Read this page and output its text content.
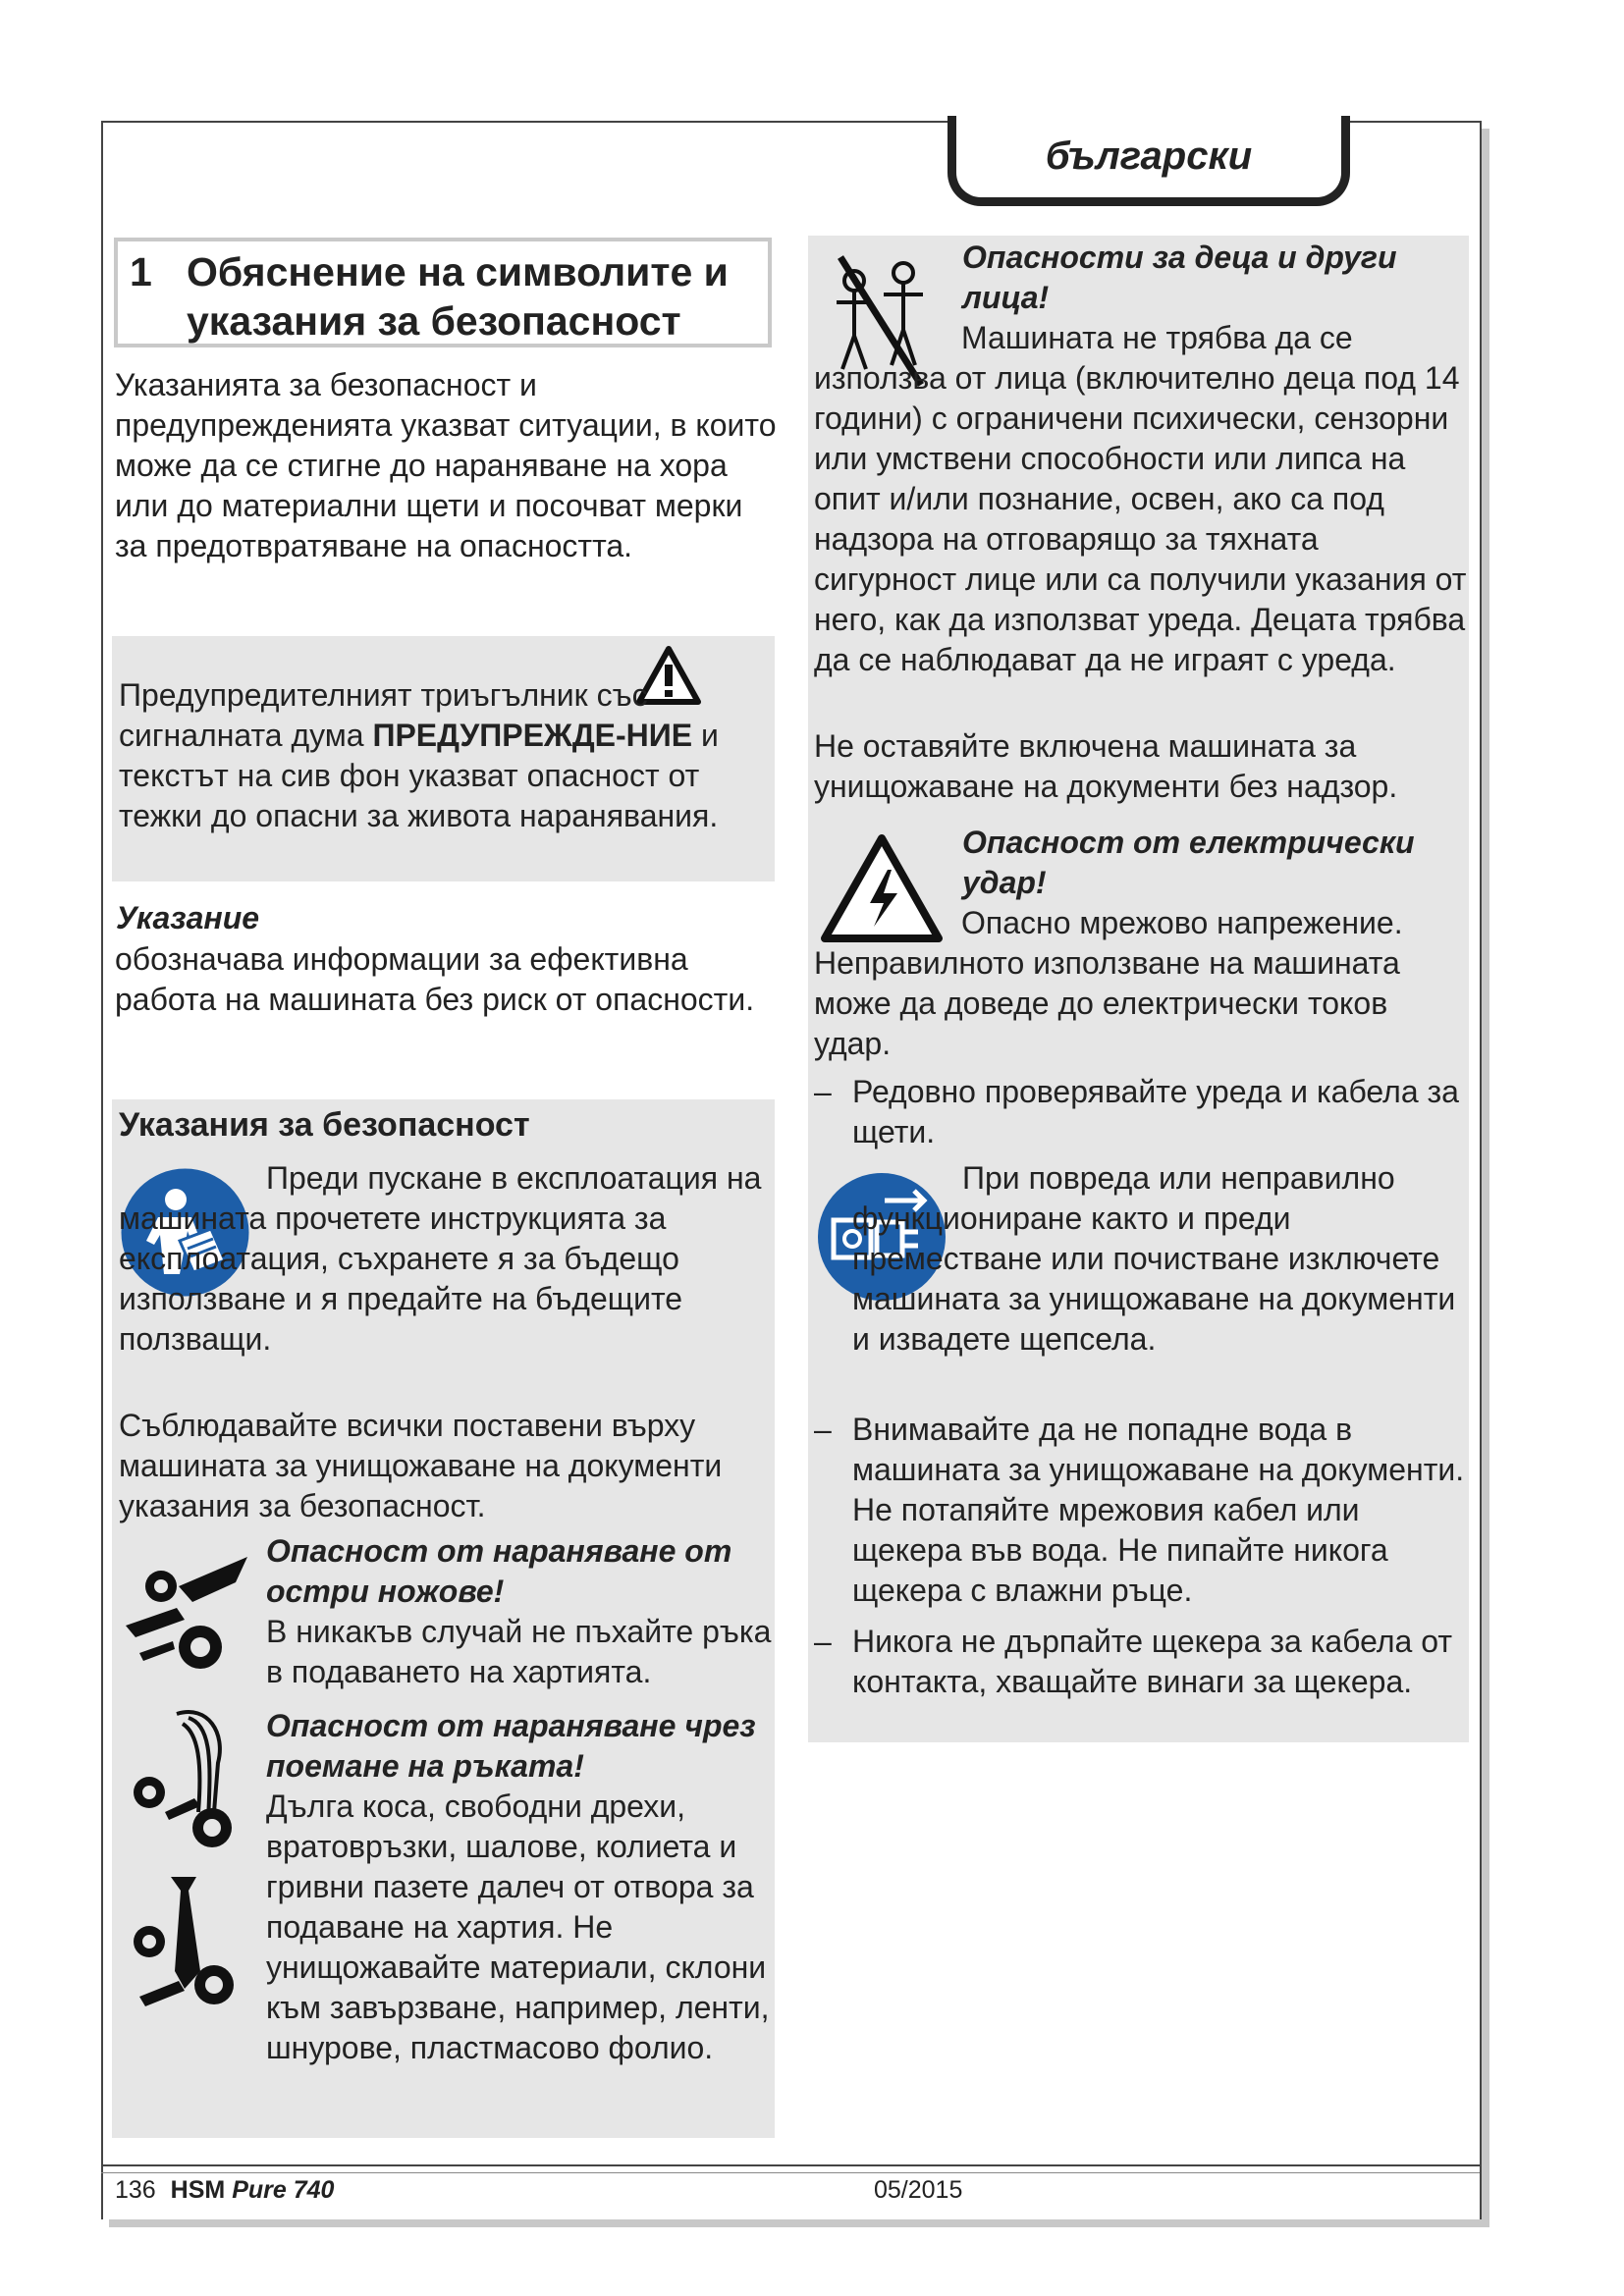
български
1 Обяснение на символите и указания за безопасност
Указанията за безопасност и предупрежденията указват ситуации, в които може да се стигне до нараняване на хора или до материални щети и посочват мерки за предотвратяване на опасността.
Предупредителният триъгълник със сигналната дума ПРЕДУПРЕЖДЕ-НИЕ и текстът на сив фон указват опасност от тежки до опасни за живота наранявания.
Указание
обозначава информации за ефективна работа на машината без риск от опасности.
Указания за безопасност
Преди пускане в експлоатация на машината прочетете инструкцията за експлоатация, съхранете я за бъдещо използване и я предайте на бъдещите ползващи.
Съблюдавайте всички поставени върху машината за унищожаване на документи указания за безопасност.
Опасност от нараняване от остри ножове!
В никакъв случай не пъхайте ръка в подаването на хартията.
Опасност от нараняване чрез поемане на ръката!
Дълга коса, свободни дрехи, вратовръзки, шалове, колиета и гривни пазете далеч от отвора за подаване на хартия. Не унищожавайте материали, склони към завързване, например, ленти, шнурове, пластмасово фолио.
Опасности за деца и други лица!
Машината не трябва да се използва от лица (включително деца под 14 години) с ограничени психически, сензорни или умствени способности или липса на опит и/или познание, освен, ако са под надзора на отговарящо за тяхната сигурност лице или са получили указания от него, как да използват уреда. Децата трябва да се наблюдават да не играят с уреда.
Не оставяйте включена машината за унищожаване на документи без надзор.
Опасност от електрически удар!
Опасно мрежово напрежение. Неправилното използване на машината може да доведе до електрически токов удар.
– Редовно проверявайте уреда и кабела за щети.
При повреда или неправилно функциониране както и преди преместване или почистване изключете машината за унищожаване на документи и извадете щепсела.
– Внимавайте да не попадне вода в машината за унищожаване на документи. Не потапяйте мрежовия кабел или щекера във вода. Не пипайте никога щекера с влажни ръце.
– Никога не дърпайте щекера за кабела от контакта, хващайте винаги за щекера.
136 HSM Pure 740	05/2015
